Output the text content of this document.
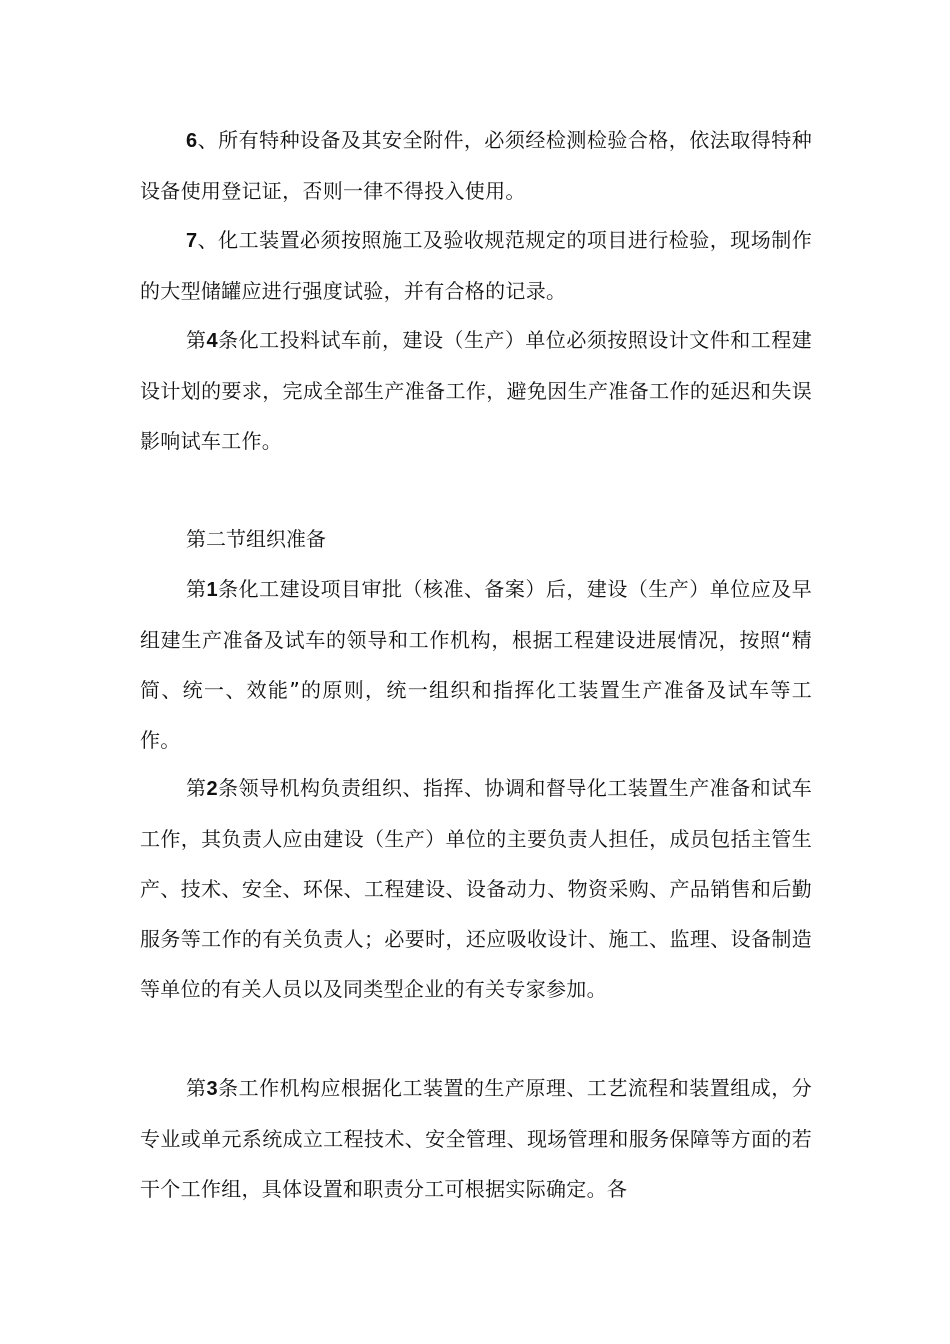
6、所有特种设备及其安全附件，必须经检测检验合格，依法取得特种设备使用登记证，否则一律不得投入使用。

7、化工装置必须按照施工及验收规范规定的项目进行检验，现场制作的大型储罐应进行强度试验，并有合格的记录。

第4条化工投料试车前，建设（生产）单位必须按照设计文件和工程建设计划的要求，完成全部生产准备工作，避免因生产准备工作的延迟和失误影响试车工作。

第二节组织准备

第1条化工建设项目审批（核准、备案）后，建设（生产）单位应及早组建生产准备及试车的领导和工作机构，根据工程建设进展情况，按照“精简、统一、效能”的原则，统一组织和指挥化工装置生产准备及试车等工作。

第2条领导机构负责组织、指挥、协调和督导化工装置生产准备和试车工作，其负责人应由建设（生产）单位的主要负责人担任，成员包括主管生产、技术、安全、环保、工程建设、设备动力、物资采购、产品销售和后勤服务等工作的有关负责人；必要时，还应吸收设计、施工、监理、设备制造等单位的有关人员以及同类型企业的有关专家参加。

第3条工作机构应根据化工装置的生产原理、工艺流程和装置组成，分专业或单元系统成立工程技术、安全管理、现场管理和服务保障等方面的若干个工作组，具体设置和职责分工可根据实际确定。各
